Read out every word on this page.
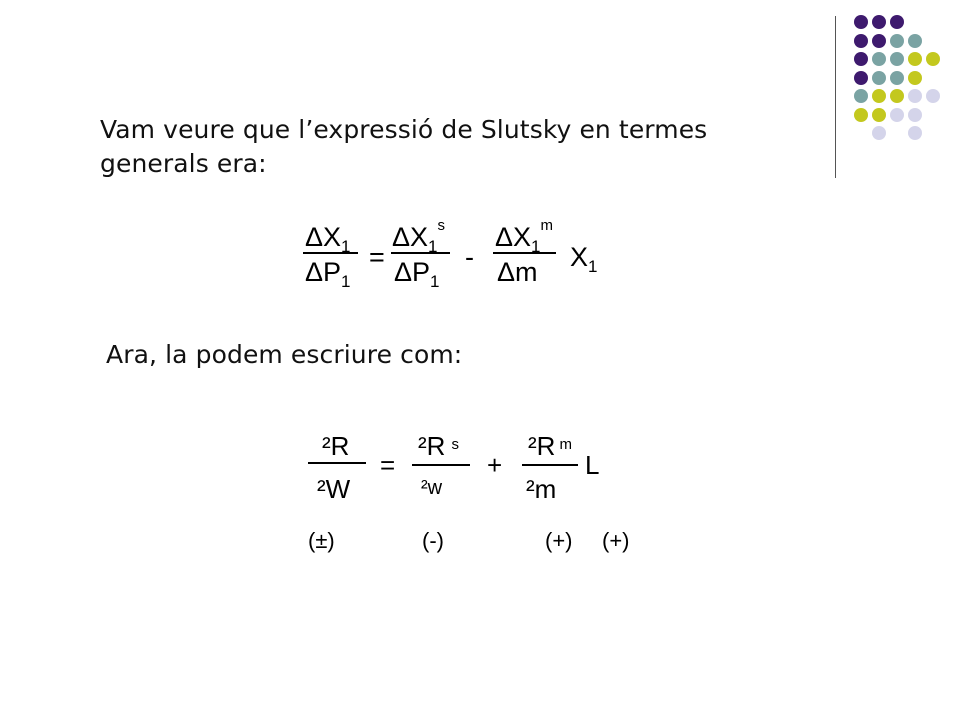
Vam veure que l’expressió de Slutsky en termes generals era:
$\Delta X_1$
$\Delta P_1$
=
$\Delta X_1^s$
$\Delta P_1$
-
$\Delta X_1^m$
Δm $X_1$
Ara, la podem escriure com:
²R
²W
=
²R $^s$
²w
+
²R $^m$
²m
L
(±)	(-)	(+) (+)
